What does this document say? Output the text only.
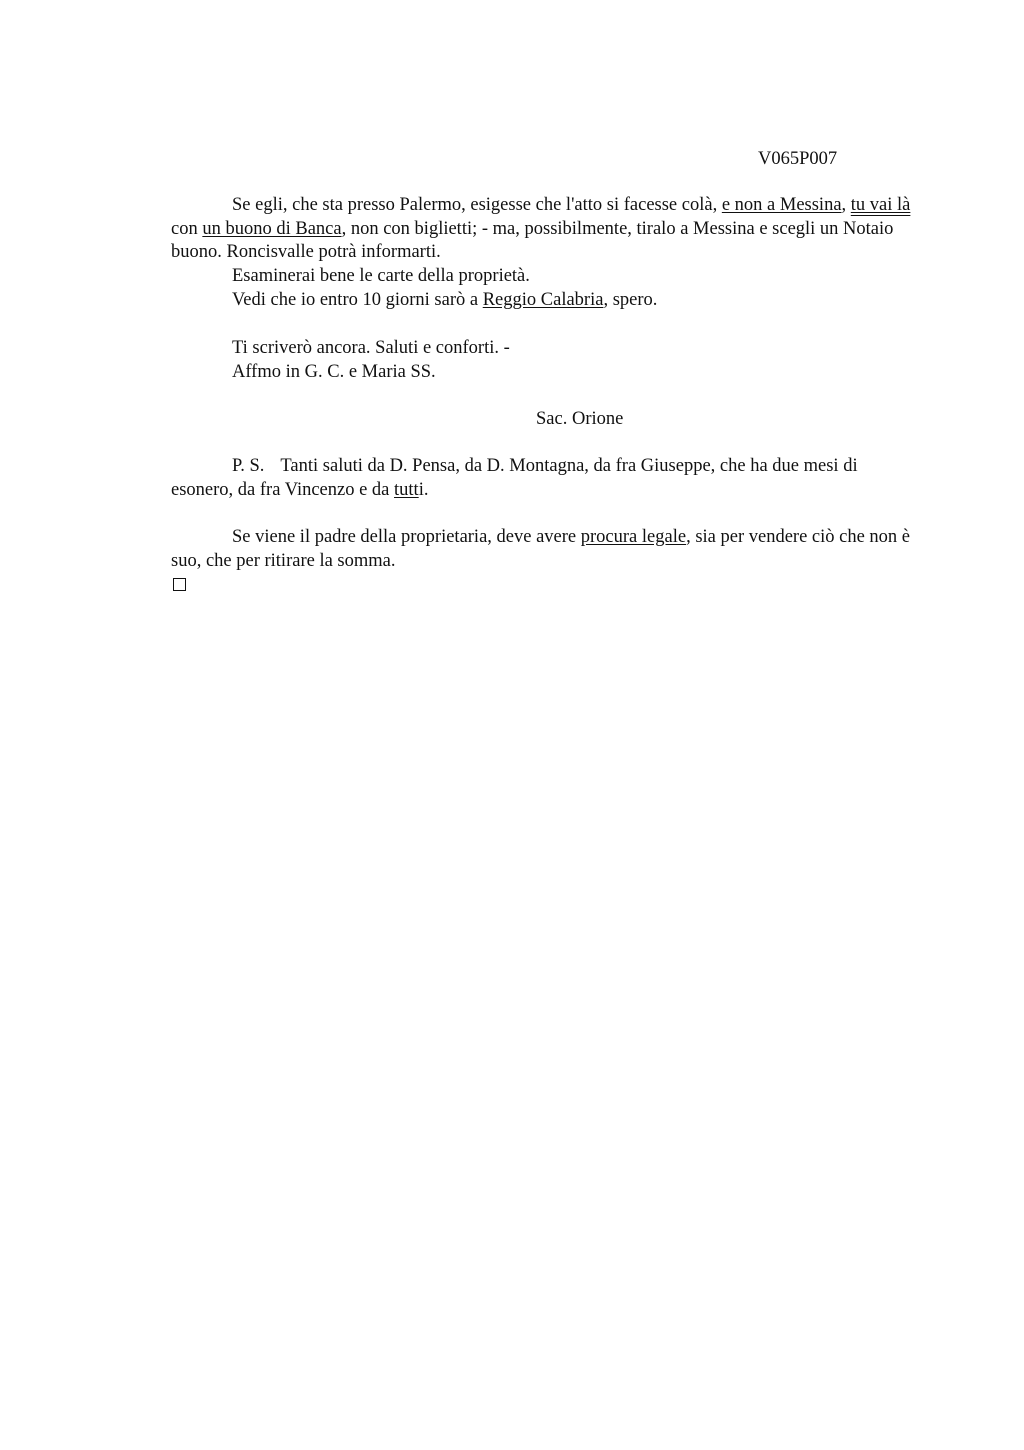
V065P007

Se egli, che sta presso Palermo, esigesse che l'atto si facesse colà, e non a Messina, tu vai là con un buono di Banca, non con biglietti; - ma, possibilmente, tiralo a Messina e scegli un Notaio buono. Roncisvalle potrà informarti.

Esaminerai bene le carte della proprietà.
Vedi che io entro 10 giorni sarò a Reggio Calabria, spero.
Ti scriverò ancora. Saluti e conforti. -
Affmo in G. C. e Maria SS.
Sac. Orione

P. S. Tanti saluti da D. Pensa, da D. Montagna, da fra Giuseppe, che ha due mesi di esonero, da fra Vincenzo e da tutti.

Se viene il padre della proprietaria, deve avere procura legale, sia per vendere ciò che non è suo, che per ritirare la somma.
